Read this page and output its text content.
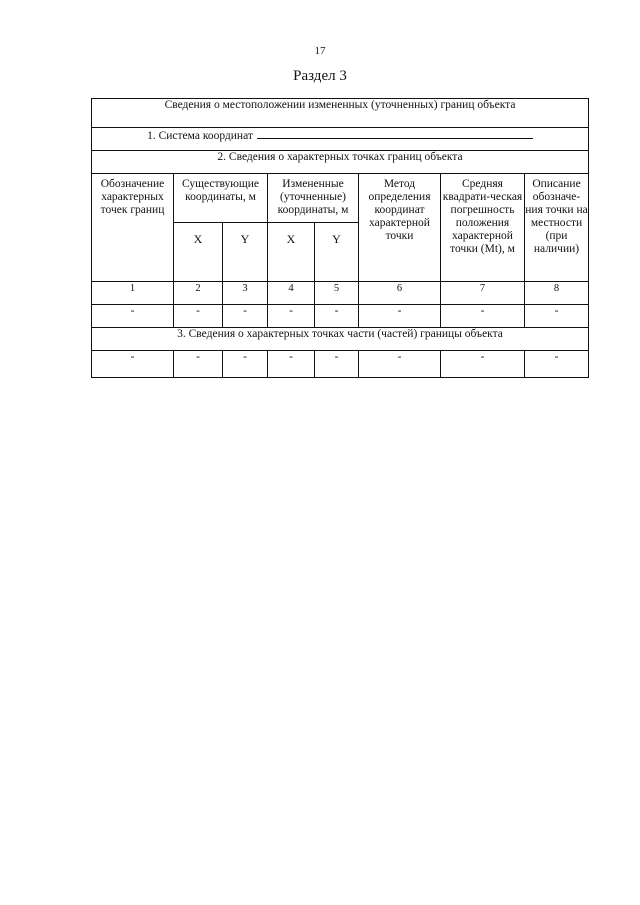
17
Раздел 3
Сведения о местоположении измененных (уточненных) границ объекта							
1. Система координат							
2. Сведения о характерных точках границ объекта							
Обозначение характерных точек границ	Существующие координаты, м		Измененные (уточненные) координаты, м		Метод определения координат характерной точки	Средняя квадрати-ческая погрешность положения характерной точки (Mt), м	Описание обозначе-ния точки на местности (при наличии)
	X	Y	X	Y			
1	2	3	4	5	6	7	8
-	-	-	-	-	-	-	-
3. Сведения о характерных точках части (частей) границы объекта							
-	-	-	-	-	-	-	-
